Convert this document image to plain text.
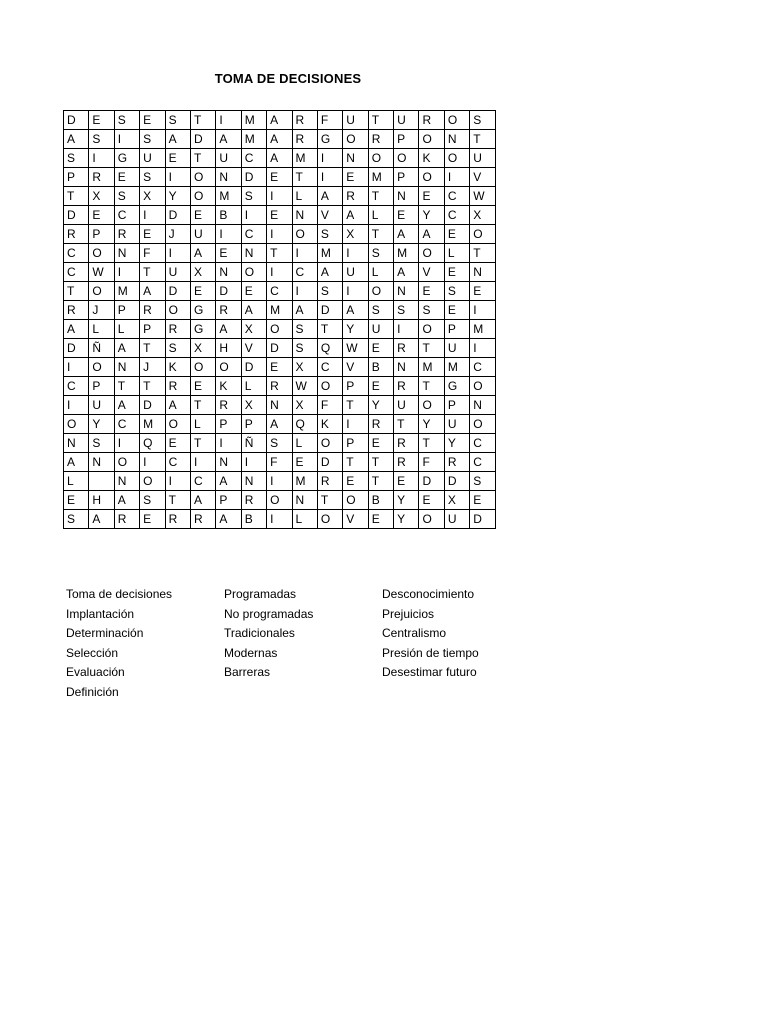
TOMA DE DECISIONES
D	E	S	E	S	T	I	M	A	R	F	U	T	U	R	O	S
A	S	I	S	A	D	A	M	A	R	G	O	R	P	O	N	T
S	I	G	U	E	T	U	C	A	M	I	N	O	O	K	O	U
P	R	E	S	I	O	N	D	E	T	I	E	M	P	O	I	V
T	X	S	X	Y	O	M	S	I	L	A	R	T	N	E	C	W
D	E	C	I	D	E	B	I	E	N	V	A	L	E	Y	C	X
R	P	R	E	J	U	I	C	I	O	S	X	T	A	A	E	O
C	O	N	F	I	A	E	N	T	I	M	I	S	M	O	L	T
C	W	I	T	U	X	N	O	I	C	A	U	L	A	V	E	N
T	O	M	A	D	E	D	E	C	I	S	I	O	N	E	S	E
R	J	P	R	O	G	R	A	M	A	D	A	S	S	S	E	I
A	L	L	P	R	G	A	X	O	S	T	Y	U	I	O	P	M
D	Ñ	A	T	S	X	H	V	D	S	Q	W	E	R	T	U	I
I	O	N	J	K	O	O	D	E	X	C	V	B	N	M	M	C
C	P	T	T	R	E	K	L	R	W	O	P	E	R	T	G	O
I	U	A	D	A	T	R	X	N	X	F	T	Y	U	O	P	N
O	Y	C	M	O	L	P	P	A	Q	K	I	R	T	Y	U	O
N	S	I	Q	E	T	I	Ñ	S	L	O	P	E	R	T	Y	C
A	N	O	I	C	I	N	I	F	E	D	T	T	R	F	R	C
L		N	O	I	C	A	N	I	M	R	E	T	E	D	D	S
E	H	A	S	T	A	P	R	O	N	T	O	B	Y	E	X	E
S	A	R	E	R	R	A	B	I	L	O	V	E	Y	O	U	D
Toma de decisiones
Implantación
Determinación
Selección
Evaluación
Definición
Programadas
No programadas
Tradicionales
Modernas
Barreras
Desconocimiento
Prejuicios
Centralismo
Presión de tiempo
Desestimar futuro
